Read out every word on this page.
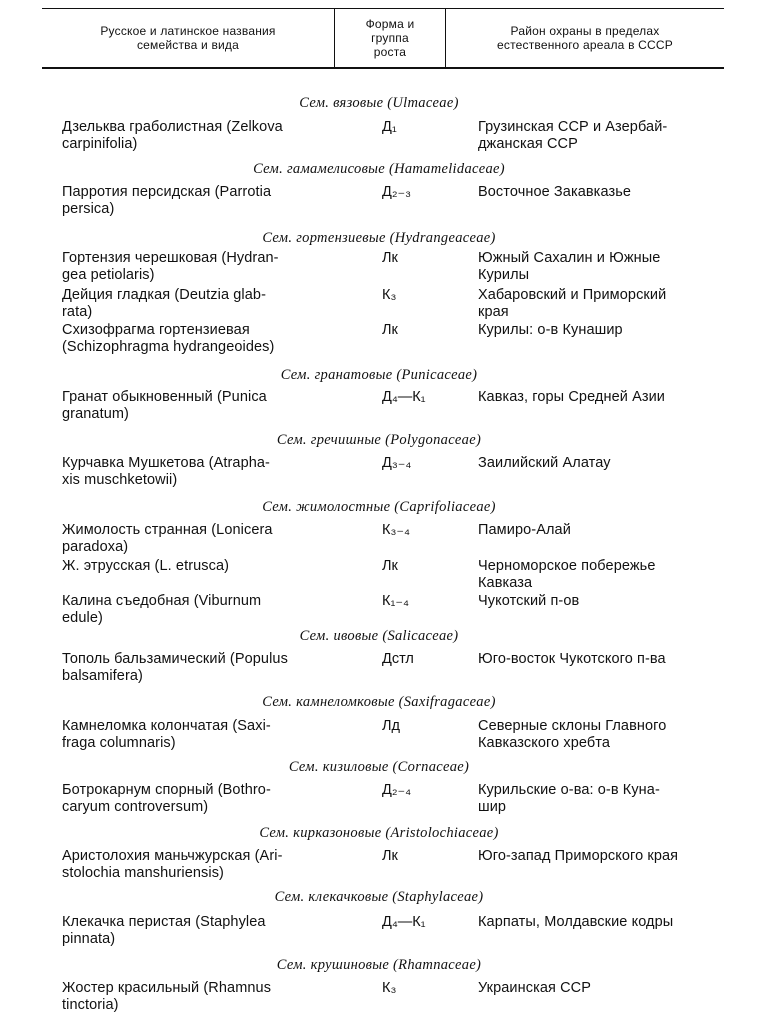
Русское и латинское названия
семейства и вида
Форма и
группа
роста
Район охраны в пределах
естественного ареала в СССР
Сем. вязовые (Ulmaceae)
Дзельква граболистная (Zelkova
carpinifolia)
Д₁	Грузинская ССР и Азербай-
джанская ССР
Сем. гамамелисовые (Hamamelidaceae)
Парротия персидская (Parrotia
persica)
Д₂₋₃	Восточное Закавказье
Сем. гортензиевые (Hydrangeaceae)
Гортензия черешковая (Hydran-
gea petiolaris)
Лк	Южный Сахалин и Южные
Курилы
Дейция гладкая (Deutzia glab-
rata)
К₃	Хабаровский и Приморский
края
Схизофрагма гортензиевая
(Schizophragma hydrangeoides)
Лк	Курилы: о-в Кунашир
Сем. гранатовые (Punicaceae)
Гранат обыкновенный (Punica
granatum)
Д₄—К₁	Кавказ, горы Средней Азии
Сем. гречишные (Polygonaceae)
Курчавка Мушкетова (Atrapha-
xis muschketowii)
Д₃₋₄	Заилийский Алатау
Сем. жимолостные (Caprifoliaceae)
Жимолость странная (Lonicera
paradoxa)
К₃₋₄	Памиро-Алай
Ж. этрусская (L. etrusca)	Лк	Черноморское побережье
Кавказа
Калина съедобная (Viburnum
edule)
К₁₋₄	Чукотский п-ов
Сем. ивовые (Salicaceae)
Тополь бальзамический (Populus
balsamifera)
Дстл	Юго-восток Чукотского п-ва
Сем. камнеломковые (Saxifragaceae)
Камнеломка колончатая (Saxi-
fraga columnaris)
Лд	Северные склоны Главного
Кавказского хребта
Сем. кизиловые (Cornaceae)
Ботрокарнум спорный (Bothro-
caryum controversum)
Д₂₋₄	Курильские о-ва: о-в Куна-
шир
Сем. кирказоновые (Aristolochiaceae)
Аристолохия маньчжурская (Ari-
stolochia manshuriensis)
Лк	Юго-запад Приморского края
Сем. клекачковые (Staphylaceae)
Клекачка перистая (Staphylea
pinnata)
Д₄—К₁	Карпаты, Молдавские кодры
Сем. крушиновые (Rhamnaceae)
Жостер красильный (Rhamnus
tinctoria)
К₃	Украинская ССР
